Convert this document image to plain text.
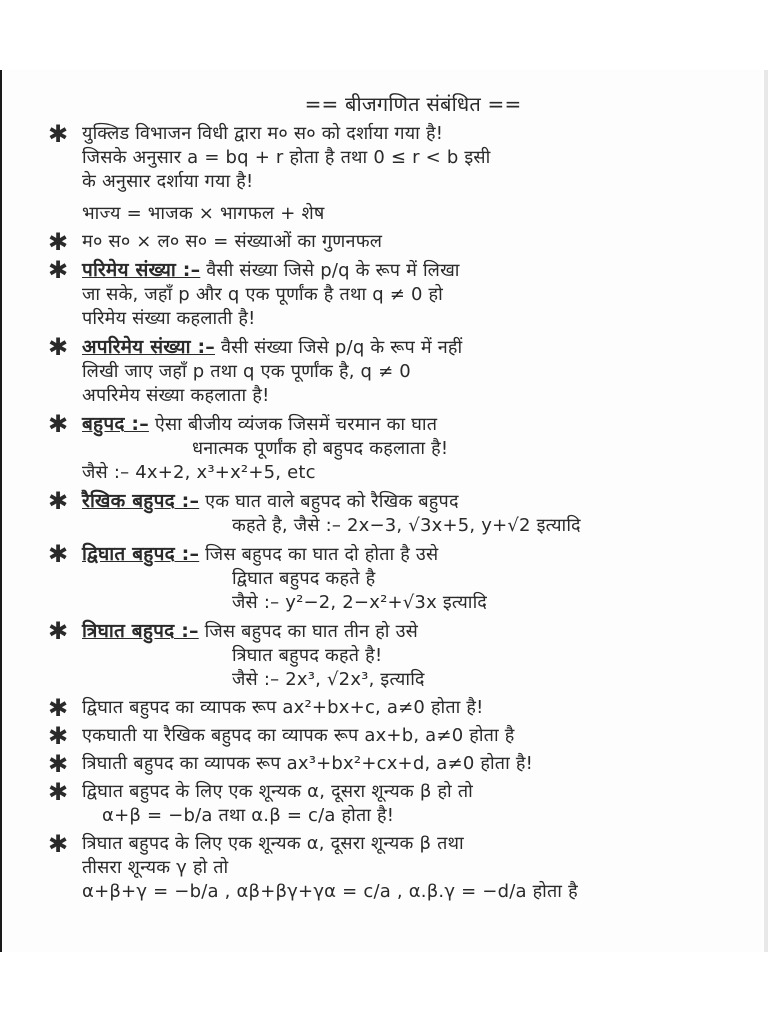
== बीजगणित संबंधित ==
✱ युक्लिड विभाजन विधी द्वारा म० स० को दर्शाया गया है!
जिसके अनुसार a = bq + r होता है तथा 0 ≤ r < b इसी
के अनुसार दर्शाया गया है!
भाज्य = भाजक × भागफल + शेष
✱ म० स० × ल० स० = संख्याओं का गुणनफल
✱ परिमेय संख्या :– वैसी संख्या जिसे p/q के रूप में लिखा
जा सके, जहाँ p और q एक पूर्णांक है तथा q ≠ 0 हो
परिमेय संख्या कहलाती है!
✱ अपरिमेय संख्या :– वैसी संख्या जिसे p/q के रूप में नहीं
लिखी जाए जहाँ p तथा q एक पूर्णांक है, q ≠ 0
अपरिमेय संख्या कहलाता है!
✱ बहुपद :– ऐसा बीजीय व्यंजक जिसमें चरमान का घात
धनात्मक पूर्णांक हो बहुपद कहलाता है!
जैसे :– 4x+2, x³+x²+5, etc
✱ रैखिक बहुपद :– एक घात वाले बहुपद को रैखिक बहुपद
कहते है, जैसे :– 2x−3, √3x+5, y+√2 इत्यादि
✱ द्विघात बहुपद :– जिस बहुपद का घात दो होता है उसे
द्विघात बहुपद कहते है
जैसे :– y²−2, 2−x²+√3x इत्यादि
✱ त्रिघात बहुपद :– जिस बहुपद का घात तीन हो उसे
त्रिघात बहुपद कहते है!
जैसे :– 2x³, √2x³, इत्यादि
✱ द्विघात बहुपद का व्यापक रूप ax²+bx+c, a≠0 होता है!
✱ एकघाती या रैखिक बहुपद का व्यापक रूप ax+b, a≠0 होता है
✱ त्रिघाती बहुपद का व्यापक रूप ax³+bx²+cx+d, a≠0 होता है!
✱ द्विघात बहुपद के लिए एक शून्यक α, दूसरा शून्यक β हो तो
α+β = −b/a तथा α.β = c/a होता है!
✱ त्रिघात बहुपद के लिए एक शून्यक α, दूसरा शून्यक β तथा
तीसरा शून्यक γ हो तो
α+β+γ = −b/a , αβ+βγ+γα = c/a , α.β.γ = −d/a होता है
